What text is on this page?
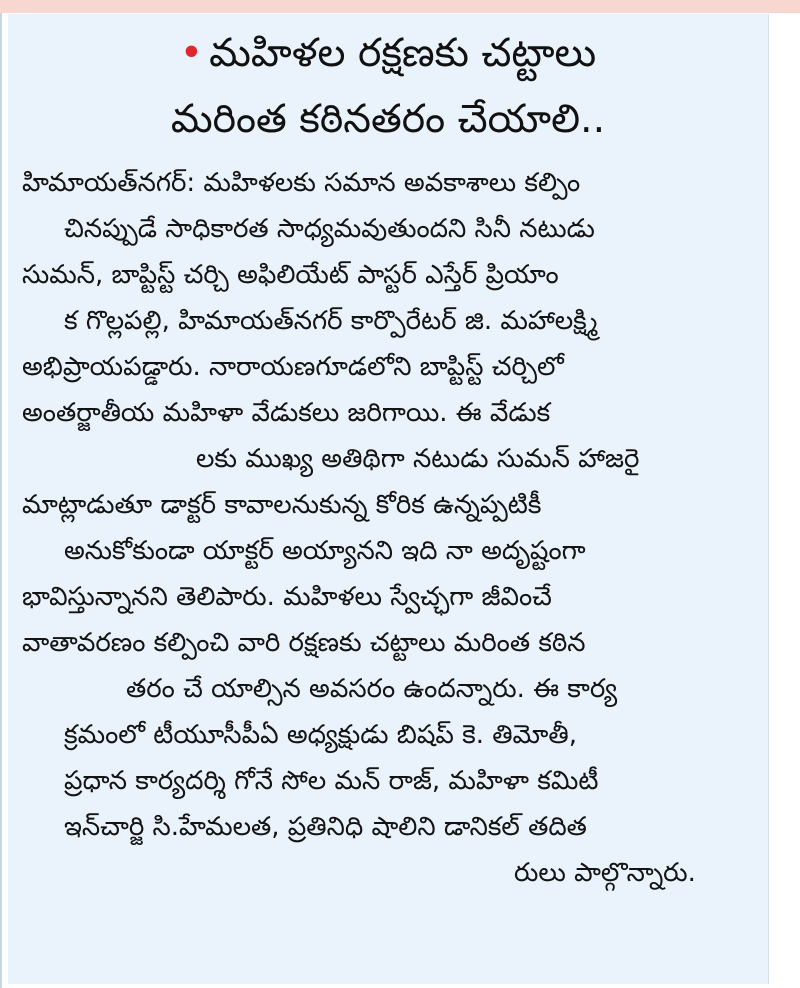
• మహిళల రక్షణకు చట్టాలు
మరింత కఠినతరం చేయాలి..
హిమాయత్‌నగర్: మహిళలకు సమాన అవకాశాలు కల్పిం
చినప్పుడే సాధికారత సాధ్యమవుతుందని సినీ నటుడు
సుమన్, బాప్టిస్ట్ చర్చి అఫిలియేట్ పాస్టర్ ఎస్తేర్ ప్రియాం
క గొల్లపల్లి, హిమాయత్‌నగర్ కార్పొరేటర్ జి. మహాలక్ష్మి
అభిప్రాయపడ్డారు. నారాయణగూడలోని బాప్టిస్ట్ చర్చిలో
అంతర్జాతీయ మహిళా వేడుకలు జరిగాయి. ఈ వేడుక
లకు ముఖ్య అతిథిగా నటుడు సుమన్ హాజరై
మాట్లాడుతూ డాక్టర్ కావాలనుకున్న కోరిక ఉన్నప్పటికీ
అనుకోకుండా యాక్టర్ అయ్యానని ఇది నా అదృష్టంగా
భావిస్తున్నానని తెలిపారు. మహిళలు స్వేచ్ఛగా జీవించే
వాతావరణం కల్పించి వారి రక్షణకు చట్టాలు మరింత కఠిన
తరం చే యాల్సిన అవసరం ఉందన్నారు. ఈ కార్య
క్రమంలో టీయూసీపీఏ అధ్యక్షుడు బిషప్ కె. తిమోతీ,
ప్రధాన కార్యదర్శి గోనే సోల మన్ రాజ్, మహిళా కమిటీ
ఇన్‌చార్జి సి.హేమలత, ప్రతినిధి షాలిని డానికల్ తదిత
రులు పాల్గొన్నారు.
